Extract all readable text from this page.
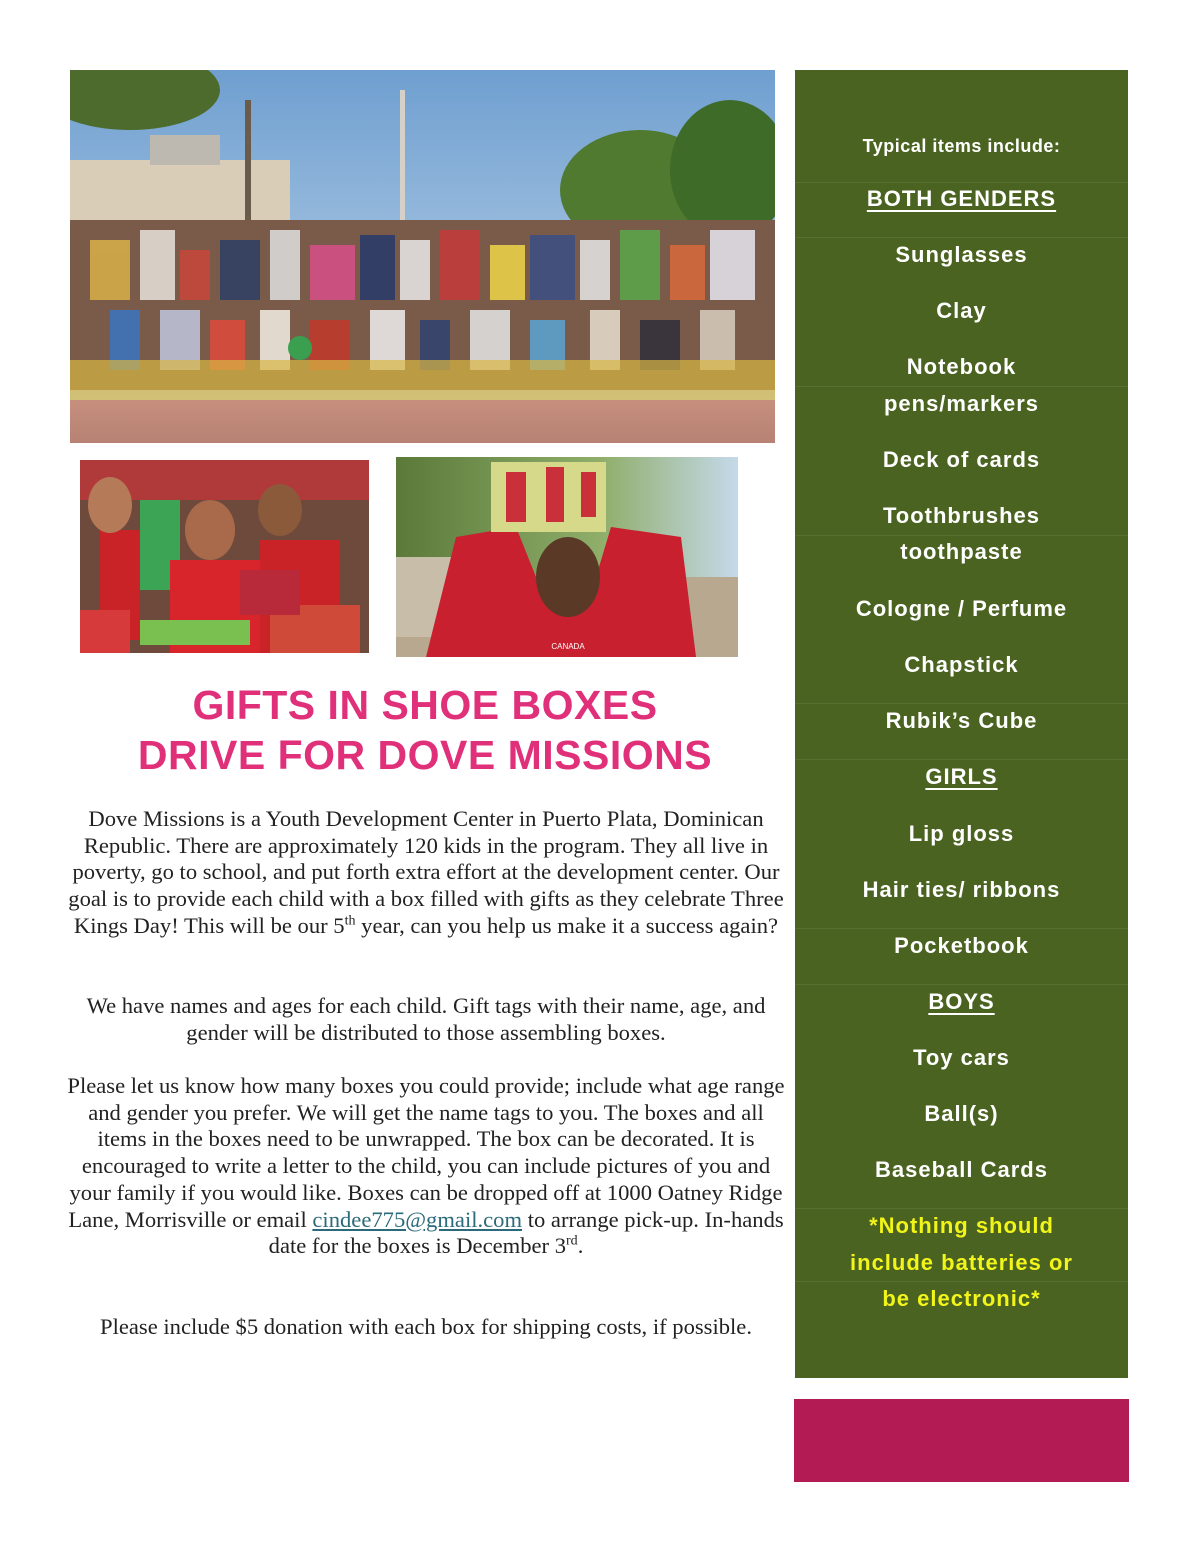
CANADA
GIFTS IN SHOE BOXES
DRIVE FOR DOVE MISSIONS
Dove Missions is a Youth Development Center in Puerto Plata, Dominican Republic. There are approximately 120 kids in the program. They all live in poverty, go to school, and put forth extra effort at the development center. Our goal is to provide each child with a box filled with gifts as they celebrate Three Kings Day! This will be our 5th year, can you help us make it a success again?
We have names and ages for each child. Gift tags with their name, age, and gender will be distributed to those assembling boxes.
Please let us know how many boxes you could provide; include what age range and gender you prefer. We will get the name tags to you. The boxes and all items in the boxes need to be unwrapped. The box can be decorated. It is encouraged to write a letter to the child, you can include pictures of you and your family if you would like. Boxes can be dropped off at 1000 Oatney Ridge Lane, Morrisville or email cindee775@gmail.com to arrange pick-up. In-hands date for the boxes is December 3rd.
Please include $5 donation with each box for shipping costs, if possible.
Typical items include:
BOTH GENDERS
Sunglasses
Clay
Notebook
pens/markers
Deck of cards
Toothbrushes
toothpaste
Cologne / Perfume
Chapstick
Rubik’s Cube
GIRLS
Lip gloss
Hair ties/ ribbons
Pocketbook
BOYS
Toy cars
Ball(s)
Baseball Cards
*Nothing should
include batteries or
be electronic*
